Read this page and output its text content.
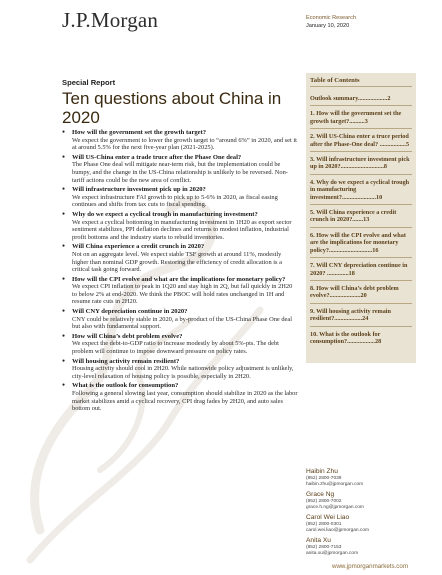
J.P.Morgan	Economic Research
January 10, 2020
Special Report
Ten questions about China in 2020
● How will the government set the growth target?
We expect the government to lower the growth target to “around 6%” in 2020, and set it at around 5.5% for the next five-year plan (2021-2025).
● Will US-China enter a trade truce after the Phase One deal?
The Phase One deal will mitigate near-term risk, but the implementation could be bumpy, and the change in the US-China relationship is unlikely to be reversed. Non-tariff actions could be the new area of conflict.
● Will infrastructure investment pick up in 2020?
We expect infrastructure FAI growth to pick up to 5-6% in 2020, as fiscal easing continues and shifts from tax cuts to fiscal spending.
● Why do we expect a cyclical trough in manufacturing investment?
We expect a cyclical bottoming in manufacturing investment in 1H20 as export sector sentiment stabilizes, PPI deflation declines and returns to modest inflation, industrial profit bottoms and the industry starts to rebuild inventories.
● Will China experience a credit crunch in 2020?
Not on an aggregate level. We expect stable TSF growth at around 11%, modestly higher than nominal GDP growth. Restoring the efficiency of credit allocation is a critical task going forward.
● How will the CPI evolve and what are the implications for monetary policy?
We expect CPI inflation to peak in 1Q20 and stay high in 2Q, but fall quickly in 2H20 to below 2% at end-2020. We think the PBOC will hold rates unchanged in 1H and resume rate cuts in 2H20.
● Will CNY depreciation continue in 2020?
CNY could be relatively stable in 2020, a by-product of the US-China Phase One deal but also with fundamental support.
● How will China’s debt problem evolve?
We expect the debt-to-GDP ratio to increase modestly by about 5%-pts. The debt problem will continue to impose downward pressure on policy rates.
● Will housing activity remain resilient?
Housing activity should cool in 2H20. While nationwide policy adjustment is unlikely, city-level relaxation of housing policy is possible, especially in 2H20.
● What is the outlook for consumption?
Following a general slowing last year, consumption should stabilize in 2020 as the labor market stabilizes amid a cyclical recovery, CPI drag fades by 2H20, and auto sales bottom out.
Table of Contents
Outlook summary...................2
1. How will the government set the growth target?..........3
2. Will US-China enter a truce period after the Phase-One deal? .................5
3. Will infrastructure investment pick up in 2020?............................8
4. Why do we expect a cyclical trough in manufacturing investment?......................10
5. Will China experience a credit crunch in 2020?.......13
6. How will the CPI evolve and what are the implications for monetary policy?............................16
7. Will CNY depreciation continue in 2020? ..............18
8. How will China’s debt problem evolve?....................20
9. Will housing activity remain resilient?..................24
10. What is the outlook for consumption?..................28
Haibin Zhu
(852) 2800-7039
haibin.zhu@jpmorgan.com
Grace Ng
(852) 2800-7002
grace.h.ng@jpmorgan.com
Carol Wei Liao
(852) 2800-0301
carol.wei.liao@jpmorgan.com
Anita Xu
(852) 2800-7153
anita.xu@jpmorgan.com
www.jpmorganmarkets.com
